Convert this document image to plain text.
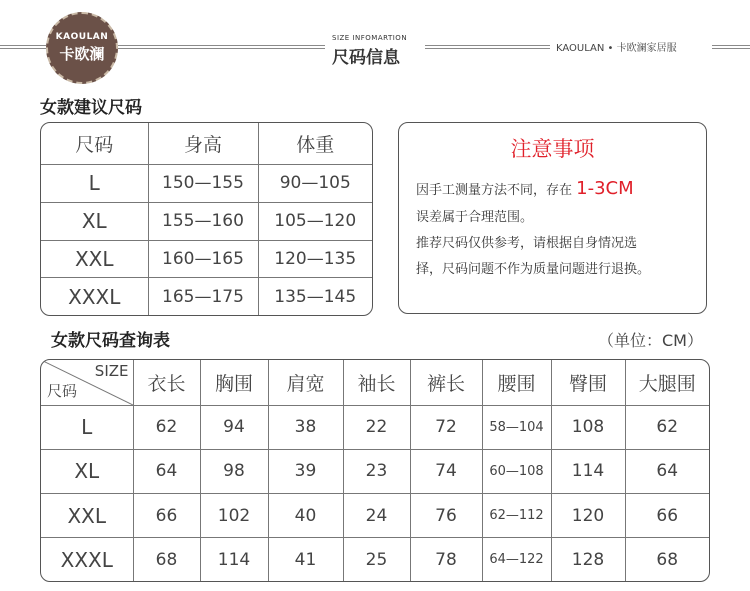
KAOULAN
卡欧澜
SIZE INFOMARTION
尺码信息	KAOULAN • 卡欧澜家居服
女款建议尺码
尺码	身高	体重
L	150—155	90—105
XL	155—160	105—120
XXL	160—165	120—135
XXXL	165—175	135—145
注意事项
因手工测量方法不同，存在 1-3CM
误差属于合理范围。
推荐尺码仅供参考，请根据自身情况选
择，尺码问题不作为质量问题进行退换。
女款尺码查询表	（单位：CM）
SIZE
尺码	衣长	胸围	肩宽	袖长	裤长	腰围	臀围	大腿围
L	62	94	38	22	72	58—104	108	62
XL	64	98	39	23	74	60—108	114	64
XXL	66	102	40	24	76	62—112	120	66
XXXL	68	114	41	25	78	64—122	128	68
